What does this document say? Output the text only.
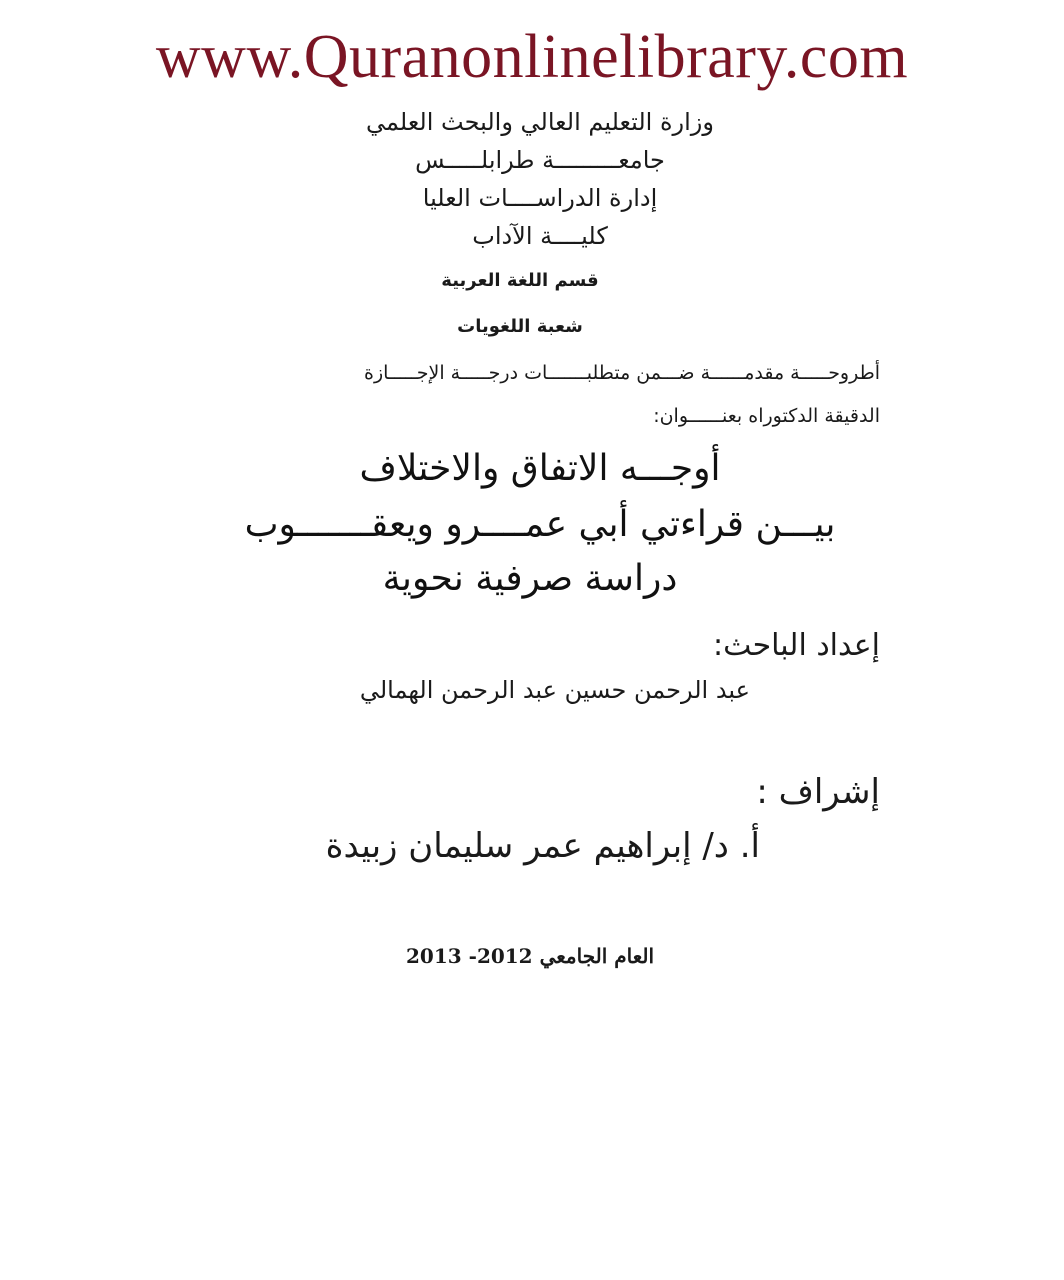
www.Quranonlinelibrary.com
وزارة التعليم العالي والبحث العلمي
جامعـــــــــة طرابلـــــس
إدارة الدراســــات العليا
كليــــة الآداب
قسم اللغة العربية
شعبة اللغويات
أطروحـــــة مقدمــــــة ضـــمن متطلبـــــــات درجـــــة الإجـــــازة
الدقيقة الدكتوراه بعنــــــوان:
أوجـــه الاتفاق والاختلاف
بيـــن قراءتي أبي عمــــرو ويعقـــــــوب
دراسة صرفية نحوية
إعداد الباحث:
عبد الرحمن حسين عبد الرحمن الهمالي
إشراف :
أ. د/ إبراهيم عمر سليمان زبيدة
العام الجامعي 2012- 2013
